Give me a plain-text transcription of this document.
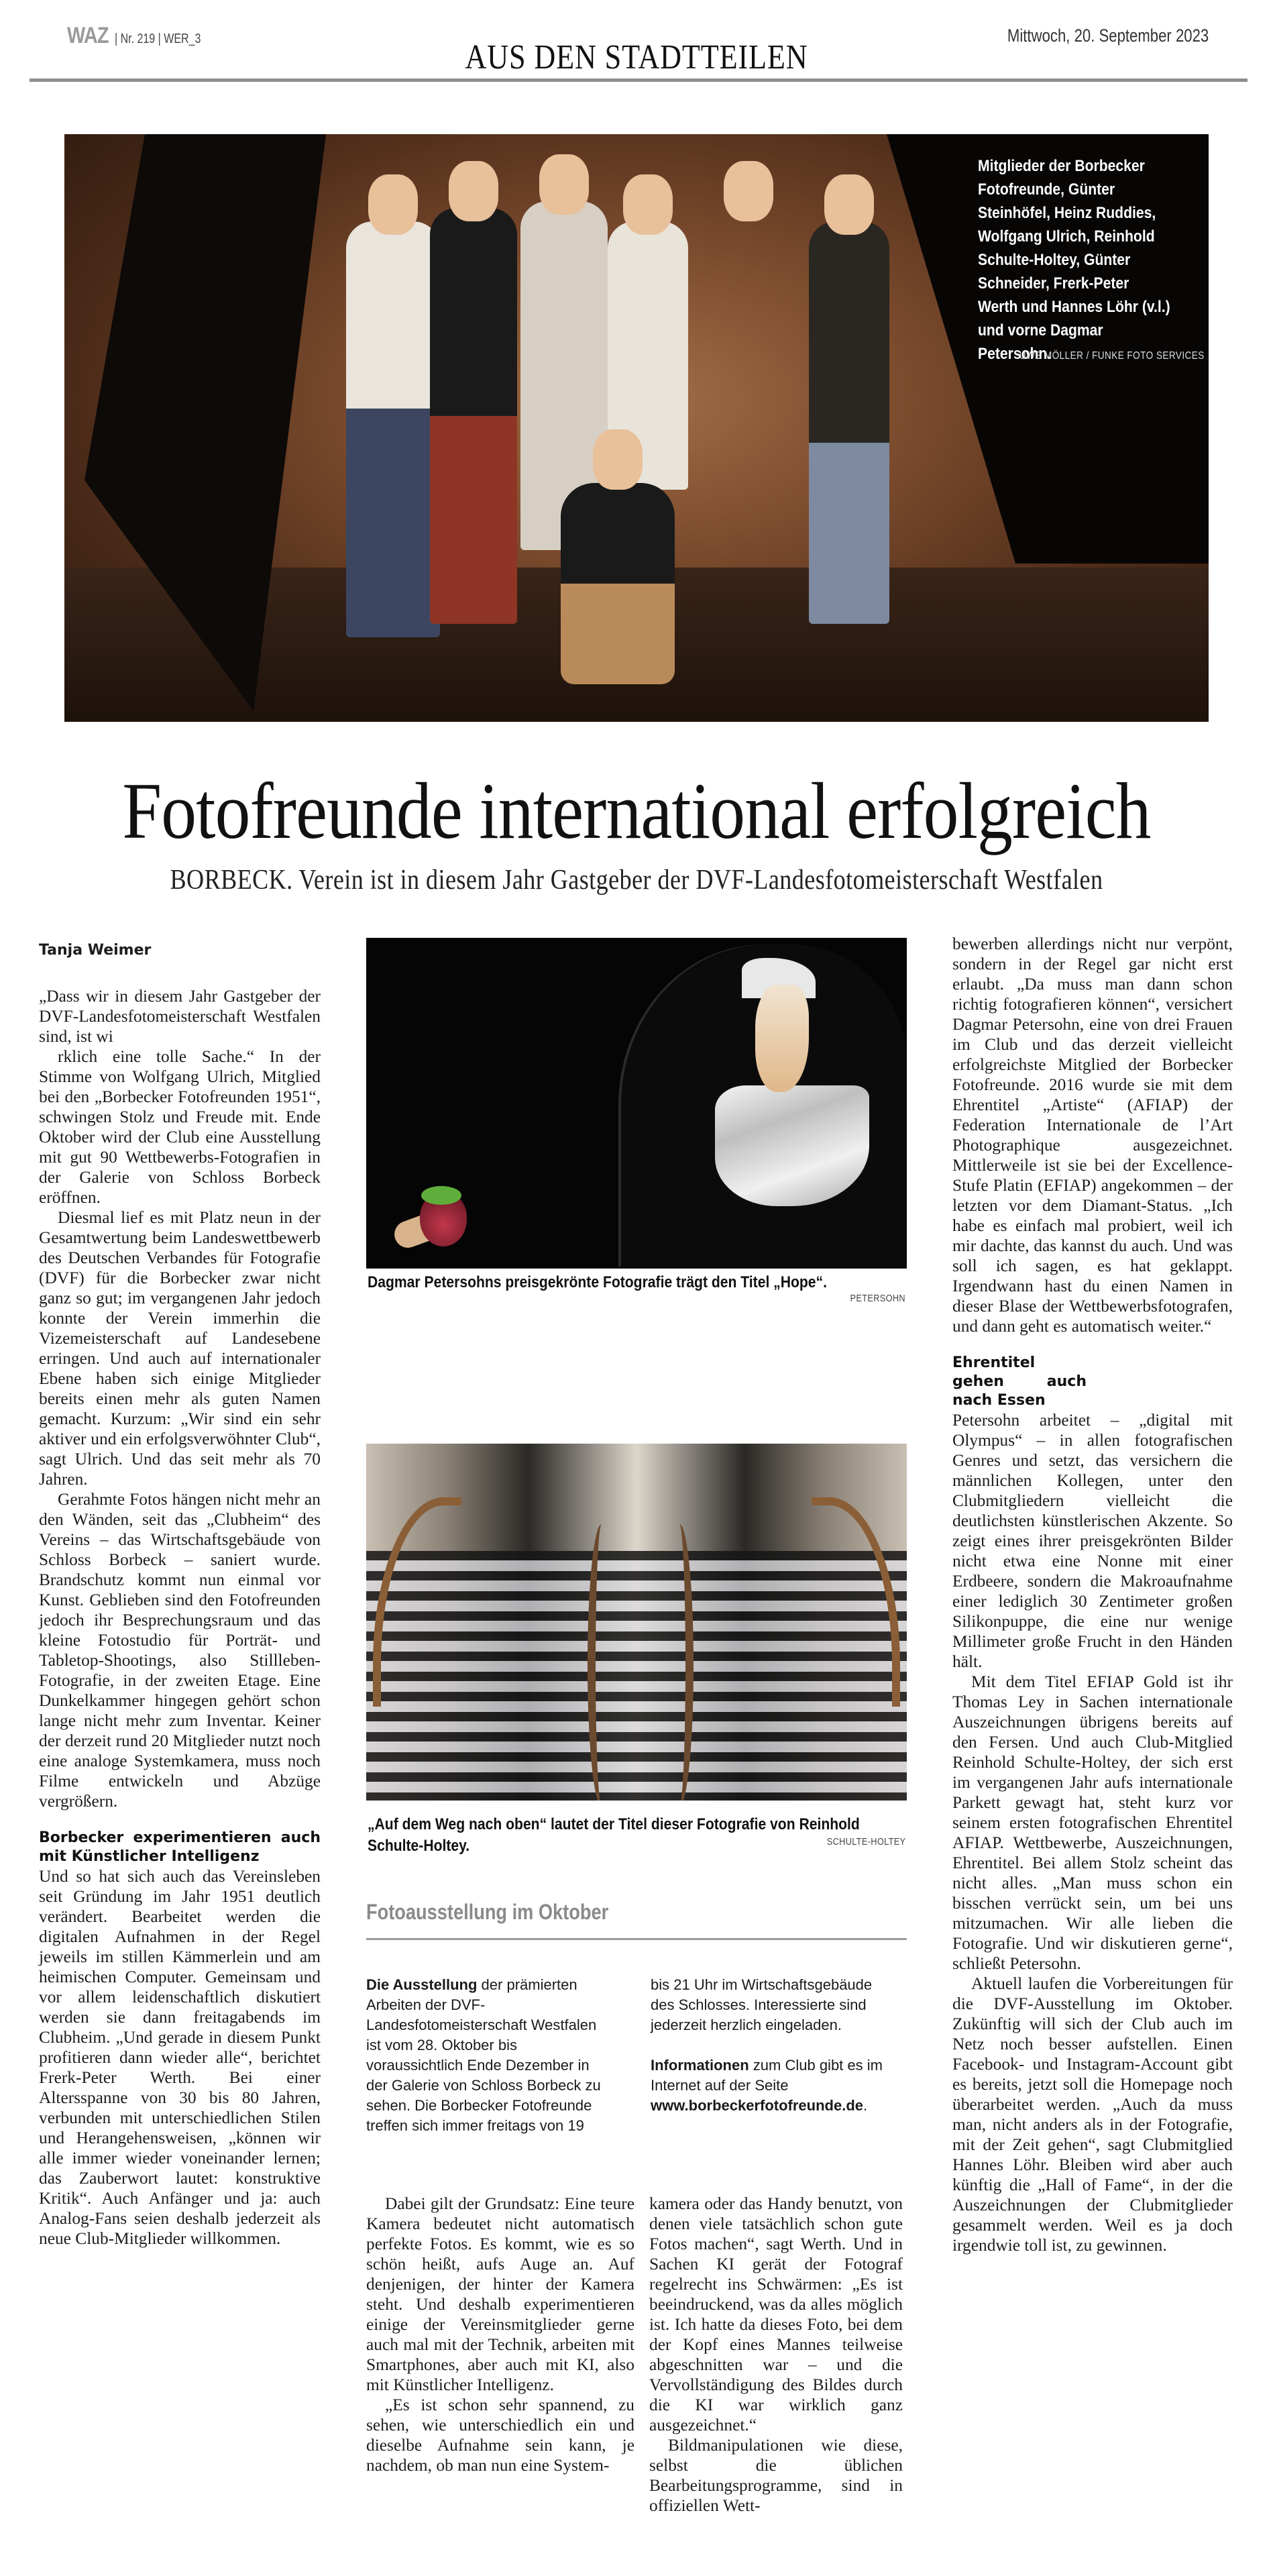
WAZ | Nr. 219 | WER_3	Mittwoch, 20. September 2023
AUS DEN STADTTEILEN
Mitglieder der Borbecker Fotofreunde, Günter Steinhöfel, Heinz Ruddies, Wolfgang Ulrich, Reinhold Schulte-Holtey, Günter Schneider, Frerk-Peter Werth und Hannes Löhr (v.l.) und vorne Dagmar Petersohn.
UWE MÖLLER / FUNKE FOTO SERVICES
Fotofreunde international erfolgreich
BORBECK. Verein ist in diesem Jahr Gastgeber der DVF-Landesfotomeisterschaft Westfalen
Tanja Weimer

„Dass wir in diesem Jahr Gastgeber der DVF-Landesfotomeisterschaft Westfalen sind, ist wi

rklich eine tolle Sache.“ In der Stimme von Wolfgang Ulrich, Mitglied bei den „Borbecker Fotofreunden 1951“, schwingen Stolz und Freude mit. Ende Oktober wird der Club eine Ausstellung mit gut 90 Wettbewerbs-Fotografien in der Galerie von Schloss Borbeck eröffnen.

Diesmal lief es mit Platz neun in der Gesamtwertung beim Landeswettbewerb des Deutschen Verbandes für Fotografie (DVF) für die Borbecker zwar nicht ganz so gut; im vergangenen Jahr jedoch konnte der Verein immerhin die Vizemeisterschaft auf Landesebene erringen. Und auch auf internationaler Ebene haben sich einige Mitglieder bereits einen mehr als guten Namen gemacht. Kurzum: „Wir sind ein sehr aktiver und ein erfolgsverwöhnter Club“, sagt Ulrich. Und das seit mehr als 70 Jahren.

Gerahmte Fotos hängen nicht mehr an den Wänden, seit das „Clubheim“ des Vereins – das Wirtschaftsgebäude von Schloss Borbeck – saniert wurde. Brandschutz kommt nun einmal vor Kunst. Geblieben sind den Fotofreunden jedoch ihr Besprechungsraum und das kleine Fotostudio für Porträt- und Tabletop-Shootings, also Stillleben-Fotografie, in der zweiten Etage. Eine Dunkelkammer hingegen gehört schon lange nicht mehr zum Inventar. Keiner der derzeit rund 20 Mitglieder nutzt noch eine analoge Systemkamera, muss noch Filme entwickeln und Abzüge vergrößern.

Borbecker experimentieren auch mit Künstlicher Intelligenz

Und so hat sich auch das Vereinsleben seit Gründung im Jahr 1951 deutlich verändert. Bearbeitet werden die digitalen Aufnahmen in der Regel jeweils im stillen Kämmerlein und am heimischen Computer. Gemeinsam und vor allem leidenschaftlich diskutiert werden sie dann freitagabends im Clubheim. „Und gerade in diesem Punkt profitieren dann wieder alle“, berichtet Frerk-Peter Werth. Bei einer Altersspanne von 30 bis 80 Jahren, verbunden mit unterschiedlichen Stilen und Herangehensweisen, „können wir alle immer wieder voneinander lernen; das Zauberwort lautet: konstruktive Kritik“. Auch Anfänger und ja: auch Analog-Fans seien deshalb jederzeit als neue Club-Mitglieder willkommen.

Dagmar Petersohns preisgekrönte Fotografie trägt den Titel „Hope“.
PETERSOHN
„Auf dem Weg nach oben“ lautet der Titel dieser Fotografie von Reinhold Schulte-Holtey.	SCHULTE-HOLTEY
Fotoausstellung im Oktober
Die Ausstellung der prämierten Arbeiten der DVF-Landesfotomeisterschaft Westfalen ist vom 28. Oktober bis voraussichtlich Ende Dezember in der Galerie von Schloss Borbeck zu sehen. Die Borbecker Fotofreunde treffen sich immer freitags von 19
bis 21 Uhr im Wirtschaftsgebäude des Schlosses. Interessierte sind jederzeit herzlich eingeladen.
Informationen zum Club gibt es im Internet auf der Seite www.borbeckerfotofreunde.de.

Dabei gilt der Grundsatz: Eine teure Kamera bedeutet nicht automatisch perfekte Fotos. Es kommt, wie es so schön heißt, aufs Auge an. Auf denjenigen, der hinter der Kamera steht. Und deshalb experimentieren einige der Vereinsmitglieder gerne auch mal mit der Technik, arbeiten mit Smartphones, aber auch mit KI, also mit Künstlicher Intelligenz.

„Es ist schon sehr spannend, zu sehen, wie unterschiedlich ein und dieselbe Aufnahme sein kann, je nachdem, ob man nun eine System-

kamera oder das Handy benutzt, von denen viele tatsächlich schon gute Fotos machen“, sagt Werth. Und in Sachen KI gerät der Fotograf regelrecht ins Schwärmen: „Es ist beeindruckend, was da alles möglich ist. Ich hatte da dieses Foto, bei dem der Kopf eines Mannes teilweise abgeschnitten war – und die Vervollständigung des Bildes durch die KI war wirklich ganz ausgezeichnet.“

Bildmanipulationen wie diese, selbst die üblichen Bearbeitungsprogramme, sind in offiziellen Wett-

bewerben allerdings nicht nur verpönt, sondern in der Regel gar nicht erst erlaubt. „Da muss man dann schon richtig fotografieren können“, versichert Dagmar Petersohn, eine von drei Frauen im Club und das derzeit vielleicht erfolgreichste Mitglied der Borbecker Fotofreunde. 2016 wurde sie mit dem Ehrentitel „Artiste“ (AFIAP) der Federation Internationale de l’Art Photographique ausgezeichnet. Mittlerweile ist sie bei der Excellence-Stufe Platin (EFIAP) angekommen – der letzten vor dem Diamant-Status. „Ich habe es einfach mal probiert, weil ich mir dachte, das kannst du auch. Und was soll ich sagen, es hat geklappt. Irgendwann hast du einen Namen in dieser Blase der Wettbewerbsfotografen, und dann geht es automatisch weiter.“

Ehrentitel gehen auch nach Essen

Petersohn arbeitet – „digital mit Olympus“ – in allen fotografischen Genres und setzt, das versichern die männlichen Kollegen, unter den Clubmitgliedern vielleicht die deutlichsten künstlerischen Akzente. So zeigt eines ihrer preisgekrönten Bilder nicht etwa eine Nonne mit einer Erdbeere, sondern die Makroaufnahme einer lediglich 30 Zentimeter großen Silikonpuppe, die eine nur wenige Millimeter große Frucht in den Händen hält.

Mit dem Titel EFIAP Gold ist ihr Thomas Ley in Sachen internationale Auszeichnungen übrigens bereits auf den Fersen. Und auch Club-Mitglied Reinhold Schulte-Holtey, der sich erst im vergangenen Jahr aufs internationale Parkett gewagt hat, steht kurz vor seinem ersten fotografischen Ehrentitel AFIAP. Wettbewerbe, Auszeichnungen, Ehrentitel. Bei allem Stolz scheint das nicht alles. „Man muss schon ein bisschen verrückt sein, um bei uns mitzumachen. Wir alle lieben die Fotografie. Und wir diskutieren gerne“, schließt Petersohn.

Aktuell laufen die Vorbereitungen für die DVF-Ausstellung im Oktober. Zukünftig will sich der Club auch im Netz noch besser aufstellen. Einen Facebook- und Instagram-Account gibt es bereits, jetzt soll die Homepage noch überarbeitet werden. „Auch da muss man, nicht anders als in der Fotografie, mit der Zeit gehen“, sagt Clubmitglied Hannes Löhr. Bleiben wird aber auch künftig die „Hall of Fame“, in der die Auszeichnungen der Clubmitglieder gesammelt werden. Weil es ja doch irgendwie toll ist, zu gewinnen.
